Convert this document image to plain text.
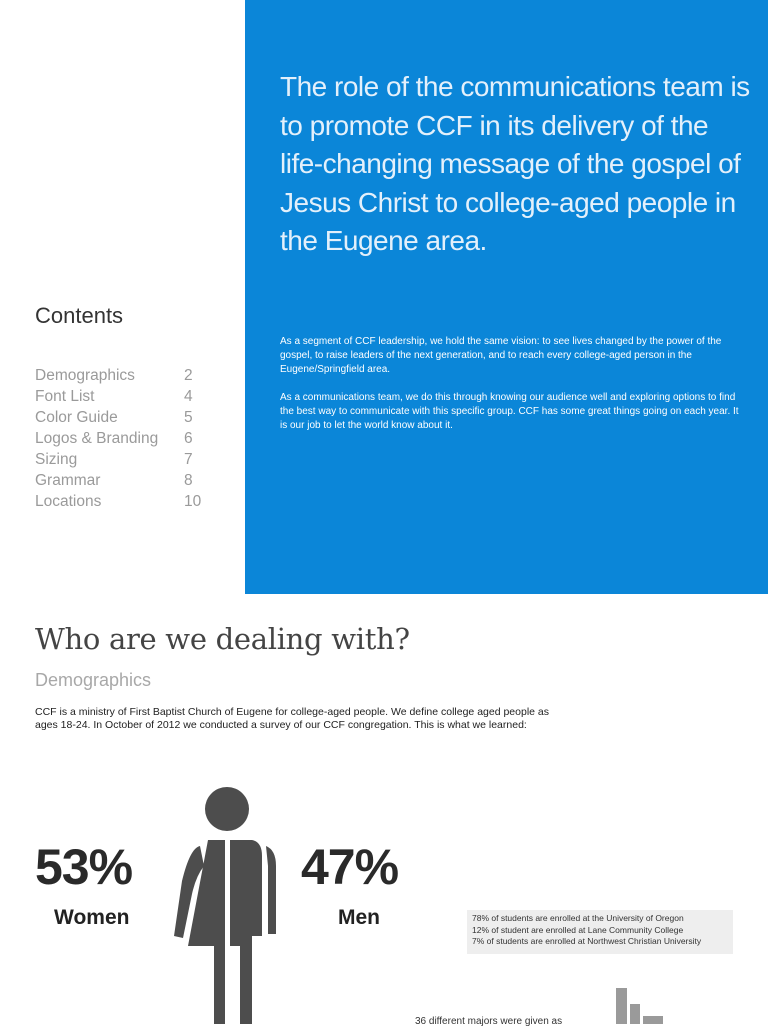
The role of the communications team is to promote CCF in its delivery of the life-changing message of the gospel of Jesus Christ to college-aged people in the Eugene area.

As a segment of CCF leadership, we hold the same vision: to see lives changed by the power of the gospel, to raise leaders of the next generation, and to reach every college-aged person in the Eugene/Springfield area.

As a communications team, we do this through knowing our audience well and exploring options to find the best way to communicate with this specific group. CCF has some great things going on each year. It is our job to let the world know about it.

Contents
Demographics	2
Font List	4
Color Guide	5
Logos & Branding 6
Sizing	7
Grammar	8
Locations	10
Who are we dealing with?
Demographics

CCF is a ministry of First Baptist Church of Eugene for college-aged people. We define college aged people as ages 18-24. In October of 2012 we conducted a survey of our CCF congregation. This is what we learned:

53%
Women
47%
Men	78% of students are enrolled at the University of Oregon

12% of student are enrolled at Lane Community College

7% of students are enrolled at Northwest Christian University

36 different majors were given as
